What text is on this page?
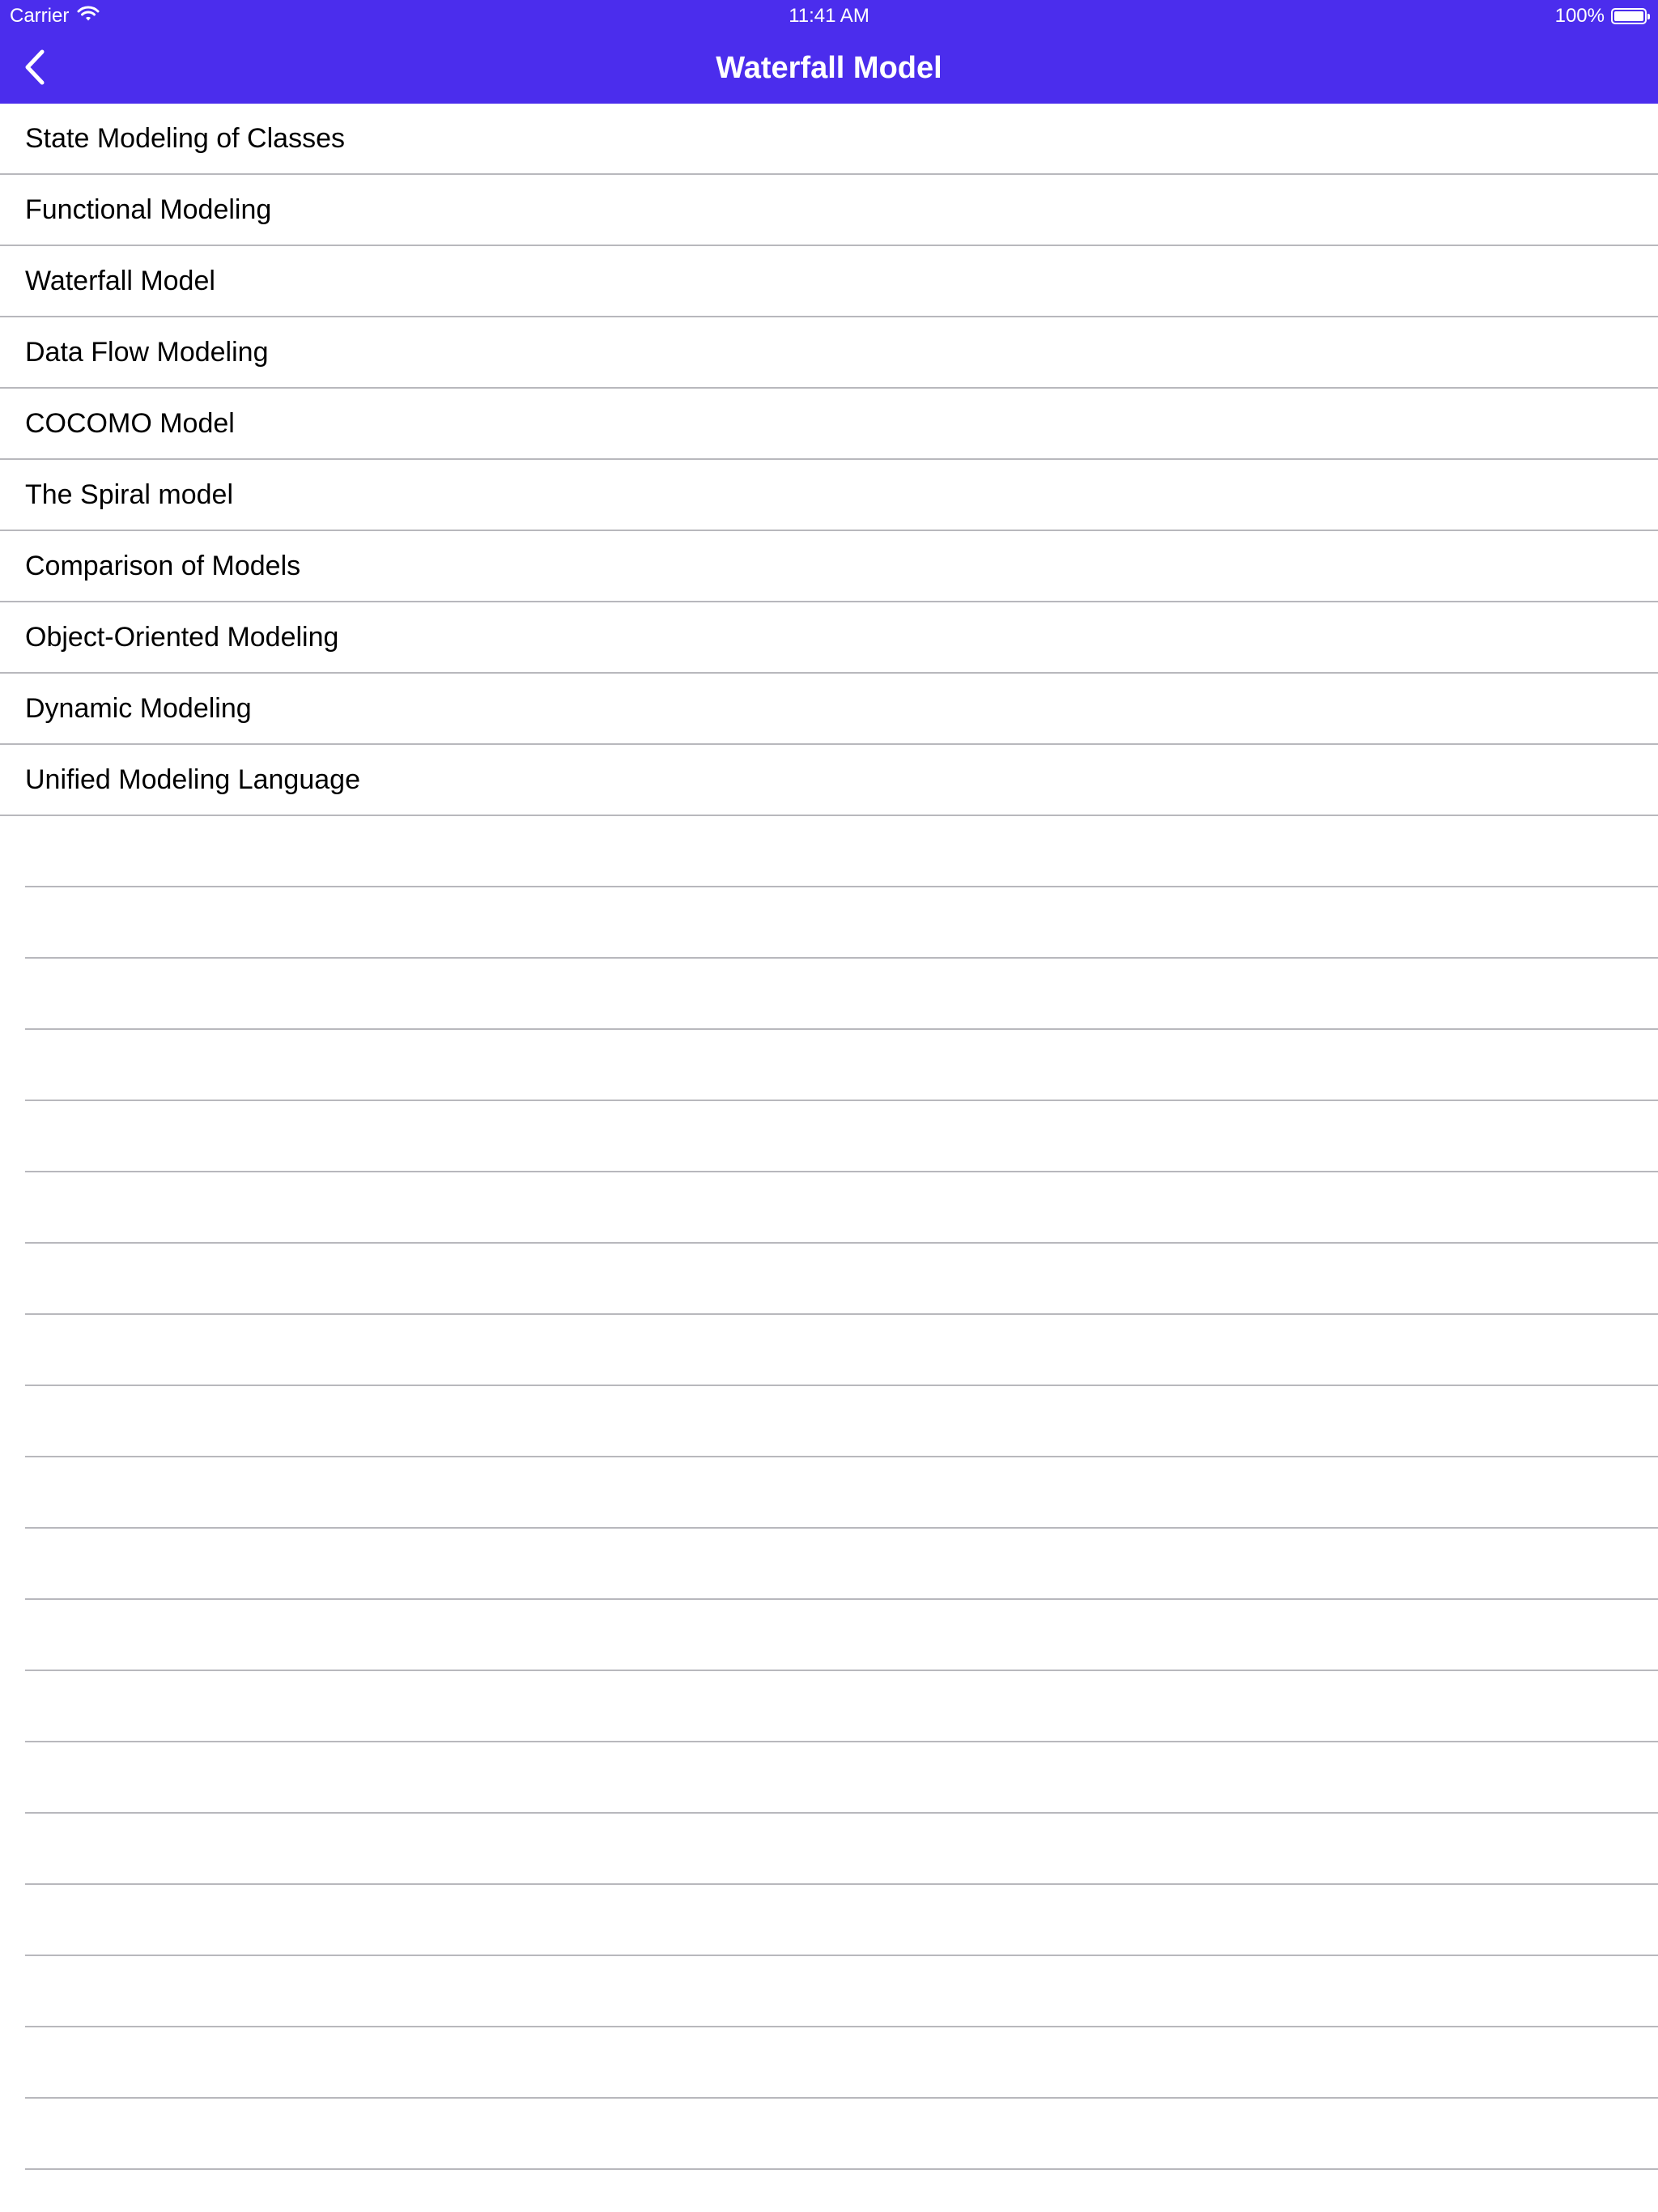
Carrier	11:41 AM	100%
Waterfall Model
State Modeling of Classes
Functional Modeling
Waterfall Model
Data Flow Modeling
COCOMO Model
The Spiral model
Comparison of Models
Object-Oriented Modeling
Dynamic Modeling
Unified Modeling Language
